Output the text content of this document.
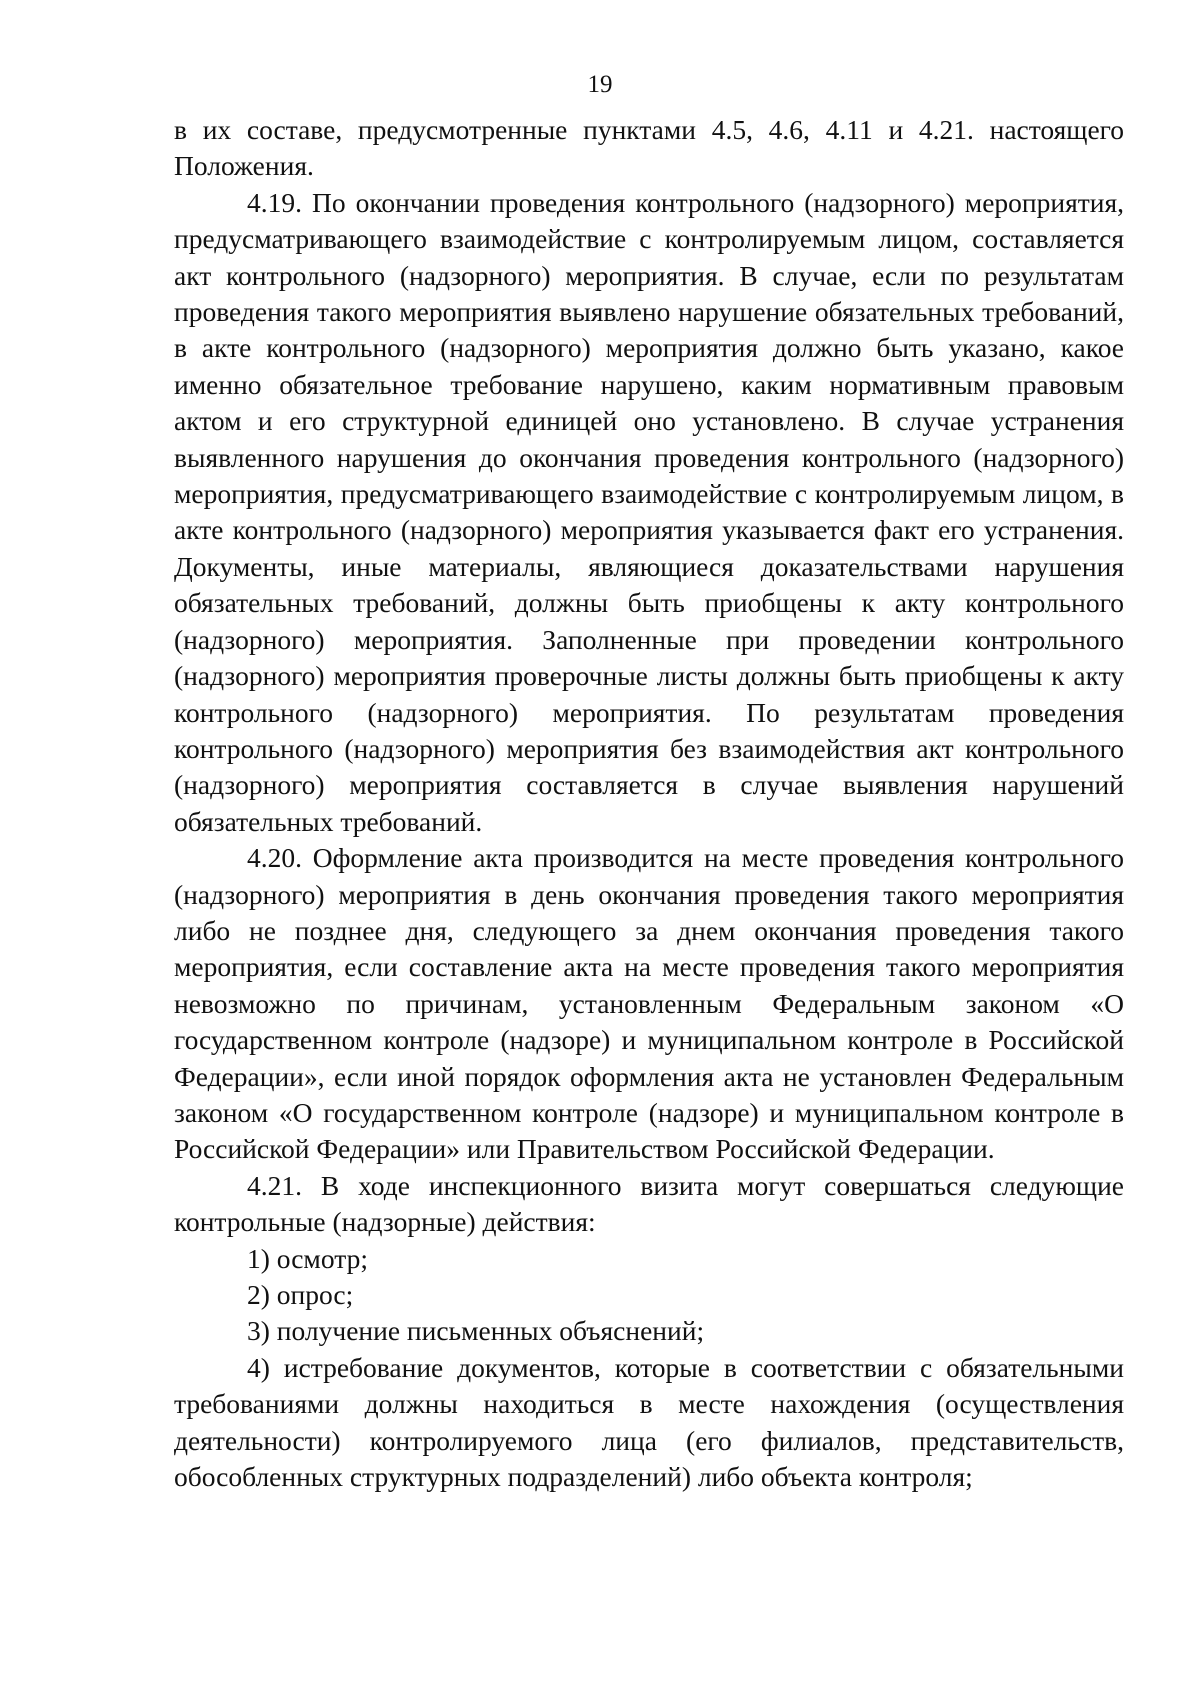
19

в их составе, предусмотренные пунктами 4.5, 4.6, 4.11 и 4.21. настоящего Положения.

4.19. По окончании проведения контрольного (надзорного) мероприятия, предусматривающего взаимодействие с контролируемым лицом, составляется акт контрольного (надзорного) мероприятия. В случае, если по результатам проведения такого мероприятия выявлено нарушение обязательных требований, в акте контрольного (надзорного) мероприятия должно быть указано, какое именно обязательное требование нарушено, каким нормативным правовым актом и его структурной единицей оно установлено. В случае устранения выявленного нарушения до окончания проведения контрольного (надзорного) мероприятия, предусматривающего взаимодействие с контролируемым лицом, в акте контрольного (надзорного) мероприятия указывается факт его устранения. Документы, иные материалы, являющиеся доказательствами нарушения обязательных требований, должны быть приобщены к акту контрольного (надзорного) мероприятия. Заполненные при проведении контрольного (надзорного) мероприятия проверочные листы должны быть приобщены к акту контрольного (надзорного) мероприятия. По результатам проведения контрольного (надзорного) мероприятия без взаимодействия акт контрольного (надзорного) мероприятия составляется в случае выявления нарушений обязательных требований.

4.20. Оформление акта производится на месте проведения контрольного (надзорного) мероприятия в день окончания проведения такого мероприятия либо не позднее дня, следующего за днем окончания проведения такого мероприятия, если составление акта на месте проведения такого мероприятия невозможно по причинам, установленным Федеральным законом «О государственном контроле (надзоре) и муниципальном контроле в Российской Федерации», если иной порядок оформления акта не установлен Федеральным законом «О государственном контроле (надзоре) и муниципальном контроле в Российской Федерации» или Правительством Российской Федерации.

4.21. В ходе инспекционного визита могут совершаться следующие контрольные (надзорные) действия:

1) осмотр;

2) опрос;

3) получение письменных объяснений;

4) истребование документов, которые в соответствии с обязательными требованиями должны находиться в месте нахождения (осуществления деятельности) контролируемого лица (его филиалов, представительств, обособленных структурных подразделений) либо объекта контроля;
